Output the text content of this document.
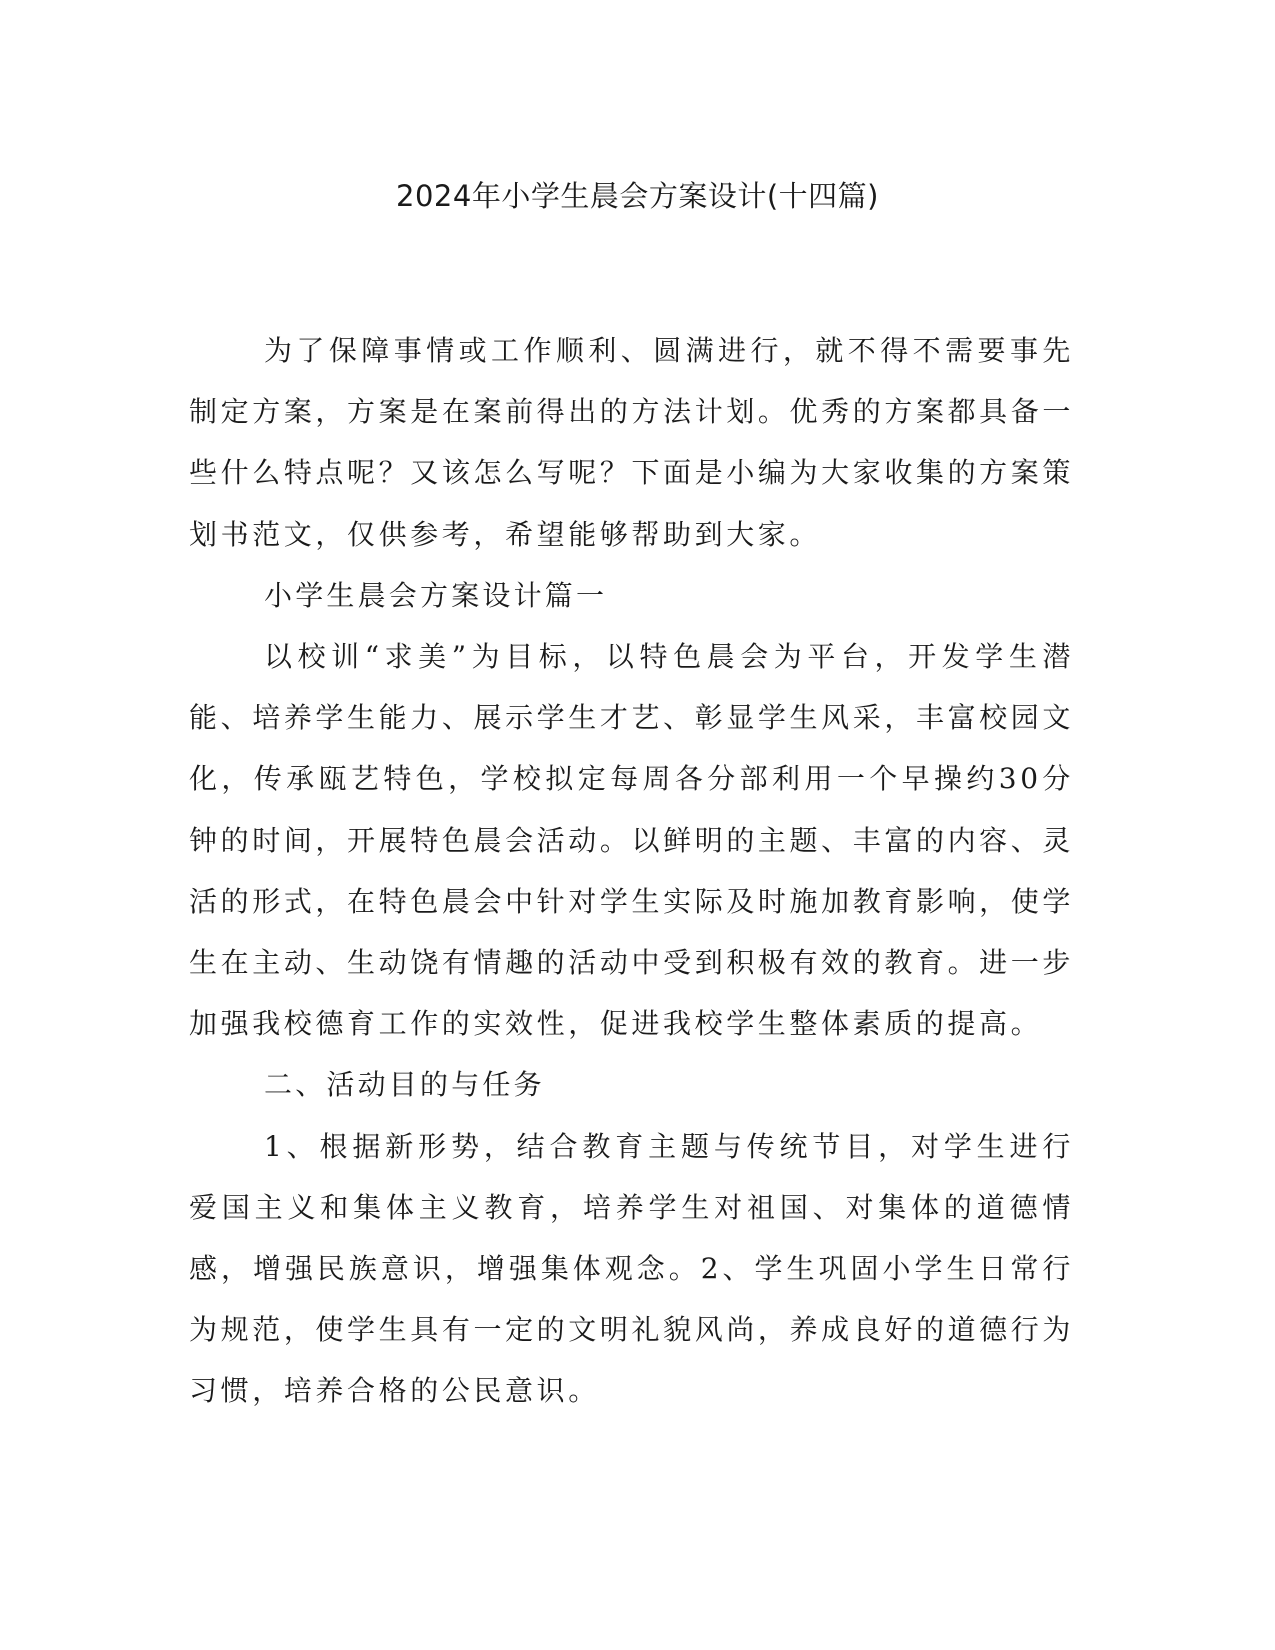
2024年小学生晨会方案设计(十四篇)

为了保障事情或工作顺利、圆满进行，就不得不需要事先制定方案，方案是在案前得出的方法计划。优秀的方案都具备一些什么特点呢？又该怎么写呢？下面是小编为大家收集的方案策划书范文，仅供参考，希望能够帮助到大家。

小学生晨会方案设计篇一

以校训“求美”为目标，以特色晨会为平台，开发学生潜能、培养学生能力、展示学生才艺、彰显学生风采，丰富校园文化，传承瓯艺特色，学校拟定每周各分部利用一个早操约30分钟的时间，开展特色晨会活动。以鲜明的主题、丰富的内容、灵活的形式，在特色晨会中针对学生实际及时施加教育影响，使学生在主动、生动饶有情趣的活动中受到积极有效的教育。进一步加强我校德育工作的实效性，促进我校学生整体素质的提高。

二、活动目的与任务

1、根据新形势，结合教育主题与传统节目，对学生进行爱国主义和集体主义教育，培养学生对祖国、对集体的道德情感，增强民族意识，增强集体观念。2、学生巩固小学生日常行为规范，使学生具有一定的文明礼貌风尚，养成良好的道德行为习惯，培养合格的公民意识。
